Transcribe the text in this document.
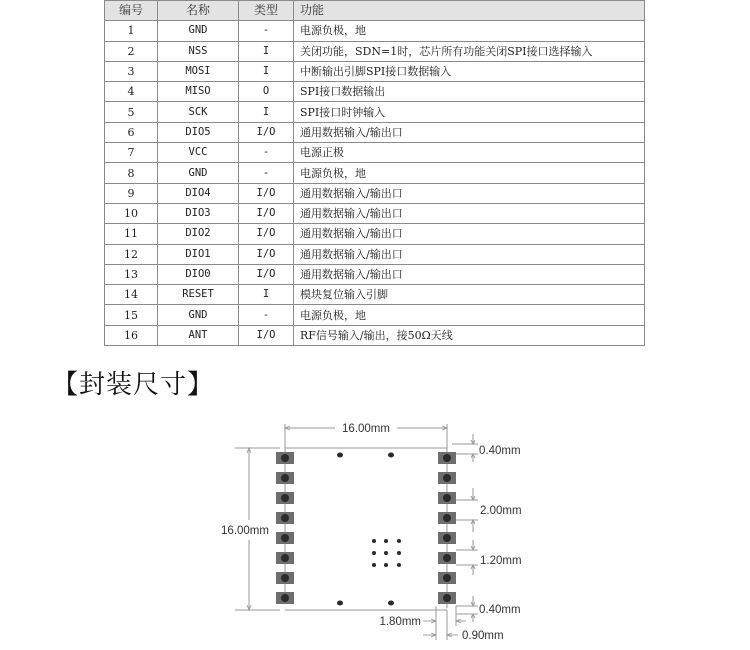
编号	名称	类型	功能
1	GND	-	电源负极，地
2	NSS	I	关闭功能，SDN=1时，芯片所有功能关闭SPI接口选择输入
3	MOSI	I	中断输出引脚SPI接口数据输入
4	MISO	O	SPI接口数据输出
5	SCK	I	SPI接口时钟输入
6	DIO5	I/O	通用数据输入/输出口
7	VCC	-	电源正极
8	GND	-	电源负极，地
9	DIO4	I/O	通用数据输入/输出口
10	DIO3	I/O	通用数据输入/输出口
11	DIO2	I/O	通用数据输入/输出口
12	DIO1	I/O	通用数据输入/输出口
13	DIO0	I/O	通用数据输入/输出口
14	RESET	I	模块复位输入引脚
15	GND	-	电源负极，地
16	ANT	I/O	RF信号输入/输出，接50Ω天线
【封装尺寸】
16.00mm
16.00mm
0.40mm
2.00mm
1.20mm
0.40mm
1.80mm
0.90mm
